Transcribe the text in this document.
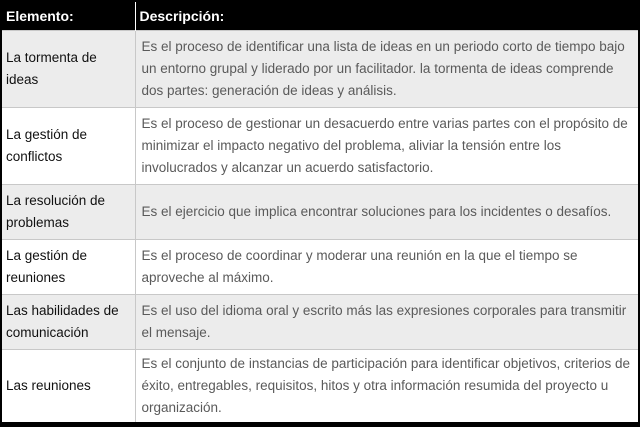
Elemento:	Descripción:
La tormenta de ideas	Es el proceso de identificar una lista de ideas en un periodo corto de tiempo bajo un entorno grupal y liderado por un facilitador. la tormenta de ideas comprende dos partes: generación de ideas y análisis.
La gestión de conflictos	Es el proceso de gestionar un desacuerdo entre varias partes con el propósito de minimizar el impacto negativo del problema, aliviar la tensión entre los involucrados y alcanzar un acuerdo satisfactorio.
La resolución de problemas	Es el ejercicio que implica encontrar soluciones para los incidentes o desafíos.
La gestión de reuniones	Es el proceso de coordinar y moderar una reunión en la que el tiempo se aproveche al máximo.
Las habilidades de comunicación	Es el uso del idioma oral y escrito más las expresiones corporales para transmitir el mensaje.
Las reuniones	Es el conjunto de instancias de participación para identificar objetivos, criterios de éxito, entregables, requisitos, hitos y otra información resumida del proyecto u organización.
